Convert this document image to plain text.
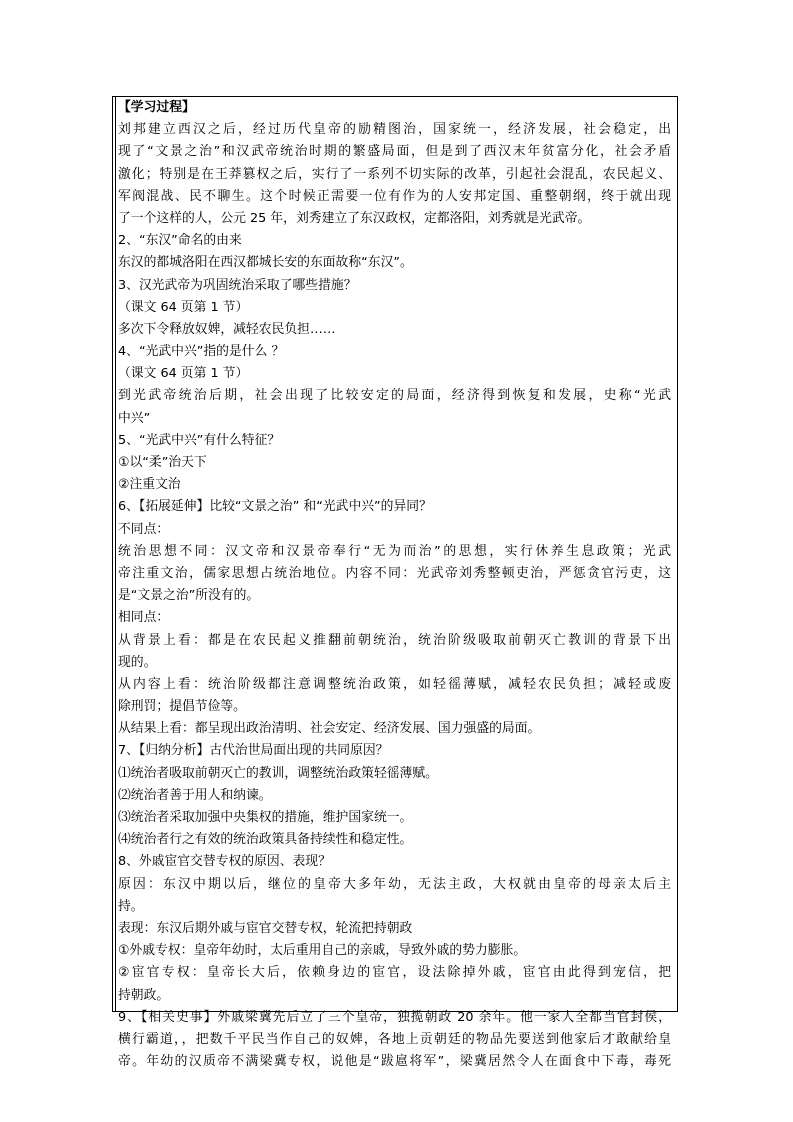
【学习过程】
刘邦建立西汉之后，经过历代皇帝的励精图治，国家统一，经济发展，社会稳定，出
现了“文景之治”和汉武帝统治时期的繁盛局面，但是到了西汉末年贫富分化，社会矛盾
激化；特别是在王莽篡权之后，实行了一系列不切实际的改革，引起社会混乱，农民起义、
军阀混战、民不聊生。这个时候正需要一位有作为的人安邦定国、重整朝纲，终于就出现
了一个这样的人，公元 25 年，刘秀建立了东汉政权，定都洛阳，刘秀就是光武帝。
2、“东汉”命名的由来
东汉的都城洛阳在西汉都城长安的东面故称“东汉”。
3、汉光武帝为巩固统治采取了哪些措施？
（课文 64 页第 1 节）
多次下令释放奴婢，减轻农民负担……
4、“光武中兴”指的是什么 ？
（课文 64 页第 1 节）
到光武帝统治后期，社会出现了比较安定的局面，经济得到恢复和发展，史称“光武
中兴”
5、“光武中兴”有什么特征？
①以“柔”治天下
②注重文治
6、【拓展延伸】比较“文景之治” 和“光武中兴”的异同？
不同点：
统治思想不同：汉文帝和汉景帝奉行“无为而治”的思想，实行休养生息政策；光武
帝注重文治，儒家思想占统治地位。内容不同：光武帝刘秀整顿吏治，严惩贪官污吏，这
是“文景之治”所没有的。
相同点：
从背景上看：都是在农民起义推翻前朝统治，统治阶级吸取前朝灭亡教训的背景下出
现的。
从内容上看：统治阶级都注意调整统治政策，如轻徭薄赋，减轻农民负担；减轻或废
除刑罚；提倡节俭等。
从结果上看：都呈现出政治清明、社会安定、经济发展、国力强盛的局面。
7、【归纳分析】古代治世局面出现的共同原因？
⑴统治者吸取前朝灭亡的教训，调整统治政策轻徭薄赋。
⑵统治者善于用人和纳谏。
⑶统治者采取加强中央集权的措施，维护国家统一。
⑷统治者行之有效的统治政策具备持续性和稳定性。
8、外戚宦官交替专权的原因、表现？
原因：东汉中期以后，继位的皇帝大多年幼，无法主政，大权就由皇帝的母亲太后主
持。
表现：东汉后期外戚与宦官交替专权，轮流把持朝政
①外戚专权：皇帝年幼时，太后重用自己的亲戚，导致外戚的势力膨胀。
②宦官专权：皇帝长大后，依赖身边的宦官，设法除掉外戚，宦官由此得到宠信，把
持朝政。
9、【相关史事】外戚梁冀先后立了三个皇帝，独揽朝政 20 余年。他一家人全都当官封侯，
横行霸道，，把数千平民当作自己的奴婢，各地上贡朝廷的物品先要送到他家后才敢献给皇
帝。年幼的汉质帝不满梁冀专权，说他是“跋扈将军”，梁冀居然令人在面食中下毒，毒死
